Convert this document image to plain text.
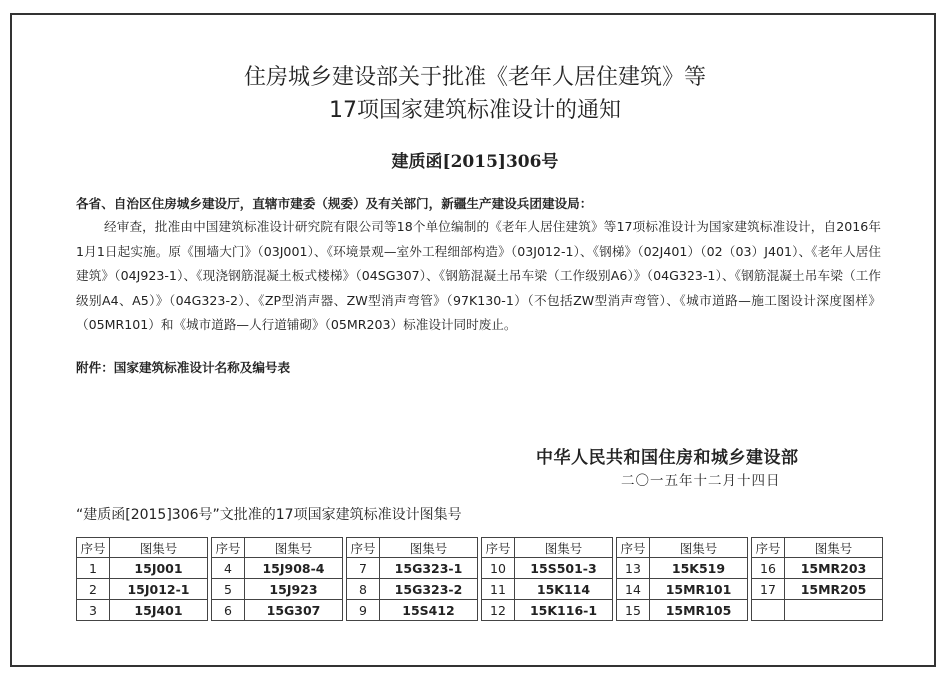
住房城乡建设部关于批准《老年人居住建筑》等
17项国家建筑标准设计的通知
建质函[2015]306号
各省、自治区住房城乡建设厅，直辖市建委（规委）及有关部门，新疆生产建设兵团建设局：
经审查，批准由中国建筑标准设计研究院有限公司等18个单位编制的《老年人居住建筑》等17项标准设计为国家建筑标准设计，自2016年1月1日起实施。原《围墙大门》（03J001）、《环境景观—室外工程细部构造》（03J012-1）、《钢梯》（02J401）（02（03）J401）、《老年人居住建筑》（04J923-1）、《现浇钢筋混凝土板式楼梯》（04SG307）、《钢筋混凝土吊车梁（工作级别A6）》（04G323-1）、《钢筋混凝土吊车梁（工作级别A4、A5）》（04G323-2）、《ZP型消声器、ZW型消声弯管》（97K130-1）（不包括ZW型消声弯管）、《城市道路—施工图设计深度图样》（05MR101）和《城市道路—人行道铺砌》（05MR203）标准设计同时废止。
附件：国家建筑标准设计名称及编号表
中华人民共和国住房和城乡建设部
二〇一五年十二月十四日
“建质函[2015]306号”文批准的17项国家建筑标准设计图集号
序号	图集号		序号	图集号		序号	图集号		序号	图集号		序号	图集号		序号	图集号
1	15J001		4	15J908-4		7	15G323-1		10	15S501-3		13	15K519		16	15MR203
2	15J012-1		5	15J923		8	15G323-2		11	15K114		14	15MR101		17	15MR205
3	15J401		6	15G307		9	15S412		12	15K116-1		15	15MR105			
